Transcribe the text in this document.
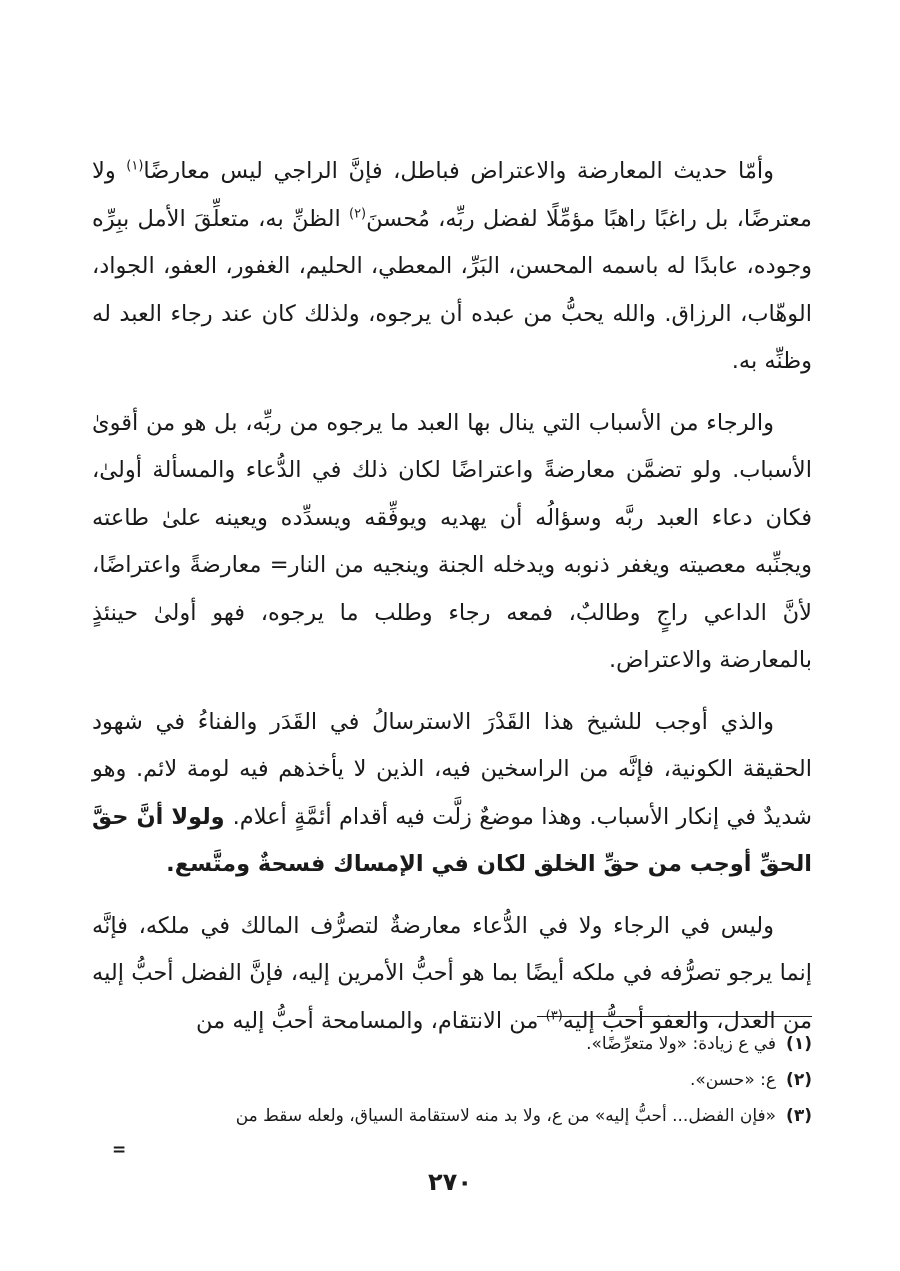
وأمّا حديث المعارضة والاعتراض فباطل، فإنَّ الراجي ليس معارضًا$^{(١)}$ ولا معترضًا، بل راغبًا راهبًا مؤمِّلًا لفضل ربِّه، مُحسنَ$^{(٢)}$ الظنِّ به، متعلِّقَ الأمل ببِرِّه وجوده، عابدًا له باسمه المحسن، البَرِّ، المعطي، الحليم، الغفور، العفو، الجواد، الوهّاب، الرزاق. والله يحبُّ من عبده أن يرجوه، ولذلك كان عند رجاء العبد له وظنِّه به.

والرجاء من الأسباب التي ينال بها العبد ما يرجوه من ربِّه، بل هو من أقوىٰ الأسباب. ولو تضمَّن معارضةً واعتراضًا لكان ذلك في الدُّعاء والمسألة أولىٰ، فكان دعاء العبد ربَّه وسؤالُه أن يهديه ويوفِّقه ويسدِّده ويعينه علىٰ طاعته ويجنِّبه معصيته ويغفر ذنوبه ويدخله الجنة وينجيه من النار= معارضةً واعتراضًا، لأنَّ الداعي راجٍ وطالبٌ، فمعه رجاء وطلب ما يرجوه، فهو أولىٰ حينئذٍ بالمعارضة والاعتراض.

والذي أوجب للشيخ هذا القَدْرَ الاسترسالُ في القَدَر والفناءُ في شهود الحقيقة الكونية، فإنَّه من الراسخين فيه، الذين لا يأخذهم فيه لومة لائم. وهو شديدٌ في إنكار الأسباب. وهذا موضعٌ زلَّت فيه أقدام أئمَّةٍ أعلام. ولولا أنَّ حقَّ الحقِّ أوجب من حقِّ الخلق لكان في الإمساك فسحةٌ ومتَّسع.

وليس في الرجاء ولا في الدُّعاء معارضةٌ لتصرُّف المالك في ملكه، فإنَّه إنما يرجو تصرُّفه في ملكه أيضًا بما هو أحبُّ الأمرين إليه، فإنَّ الفضل أحبُّ إليه من العدل، والعفو أحبُّ إليه$^{(٣)}$ من الانتقام، والمسامحة أحبُّ إليه من

(١)
في ع زيادة: «ولا متعرِّضًا».
(٢)
ع: «حسن».
(٣)
«فإن الفضل... أحبُّ إليه» من ع، ولا بد منه لاستقامة السياق، ولعله سقط من
=
٢٧٠
